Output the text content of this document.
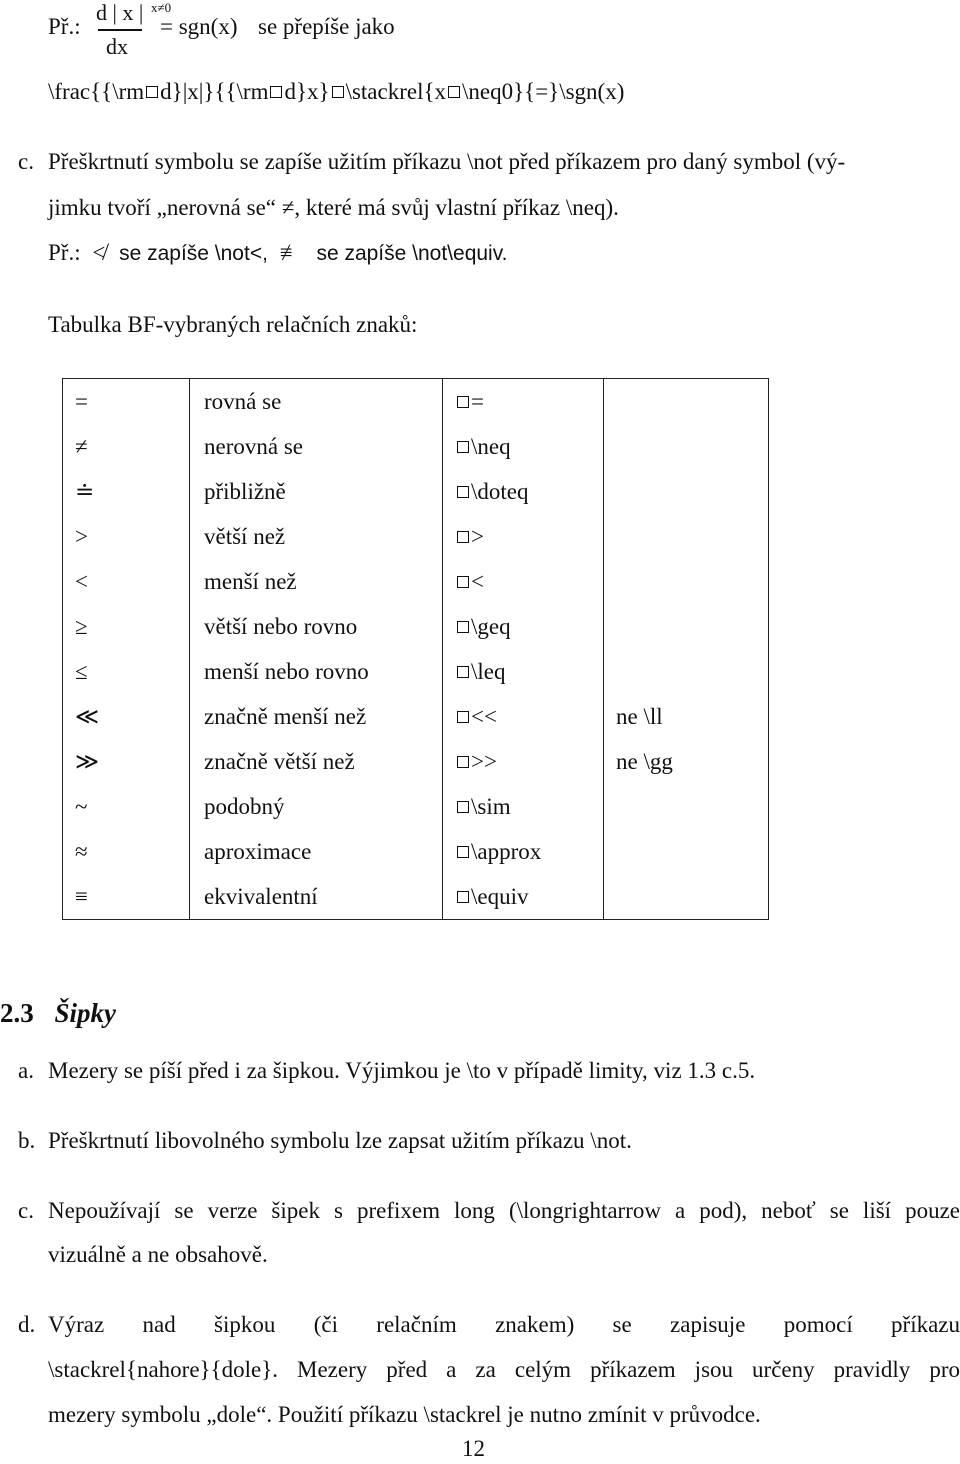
Př.:
d | x |
dx
x≠0
= sgn(x) se přepíše jako
\frac{{\rm d}|x|}{{\rm d}x} \stackrel{x \neq0}{=}\sgn(x)
c. Přeškrtnutí symbolu se zapíše užitím příkazu \not před příkazem pro daný symbol (vý-
jimku tvoří „nerovná se“ ≠, které má svůj vlastní příkaz \neq).
Př.: ≮ se zapíše \not<, ≢ se zapíše \not\equiv.
Tabulka BF-vybraných relačních znaků:
=	rovná se	=	
≠	nerovná se	\neq	
≐	přibližně	\doteq	
>	větší než	>	
<	menší než	<	
≥	větší nebo rovno	\geq	
≤	menší nebo rovno	\leq	
≪	značně menší než	<<	ne \ll
≫	značně větší než	>>	ne \gg
~	podobný	\sim	
≈	aproximace	\approx	
≡	ekvivalentní	\equiv	
2.3 Šipky
a. Mezery se píší před i za šipkou. Výjimkou je \to v případě limity, viz 1.3 c.5.
b. Přeškrtnutí libovolného symbolu lze zapsat užitím příkazu \not.
c. Nepoužívají se verze šipek s prefixem long (\longrightarrow a pod), neboť se liší pouze
vizuálně a ne obsahově.
d. Výraz nad šipkou (či relačním znakem) se zapisuje pomocí příkazu
\stackrel{nahore}{dole}. Mezery před a za celým příkazem jsou určeny pravidly pro
mezery symbolu „dole“. Použití příkazu \stackrel je nutno zmínit v průvodce.
12
